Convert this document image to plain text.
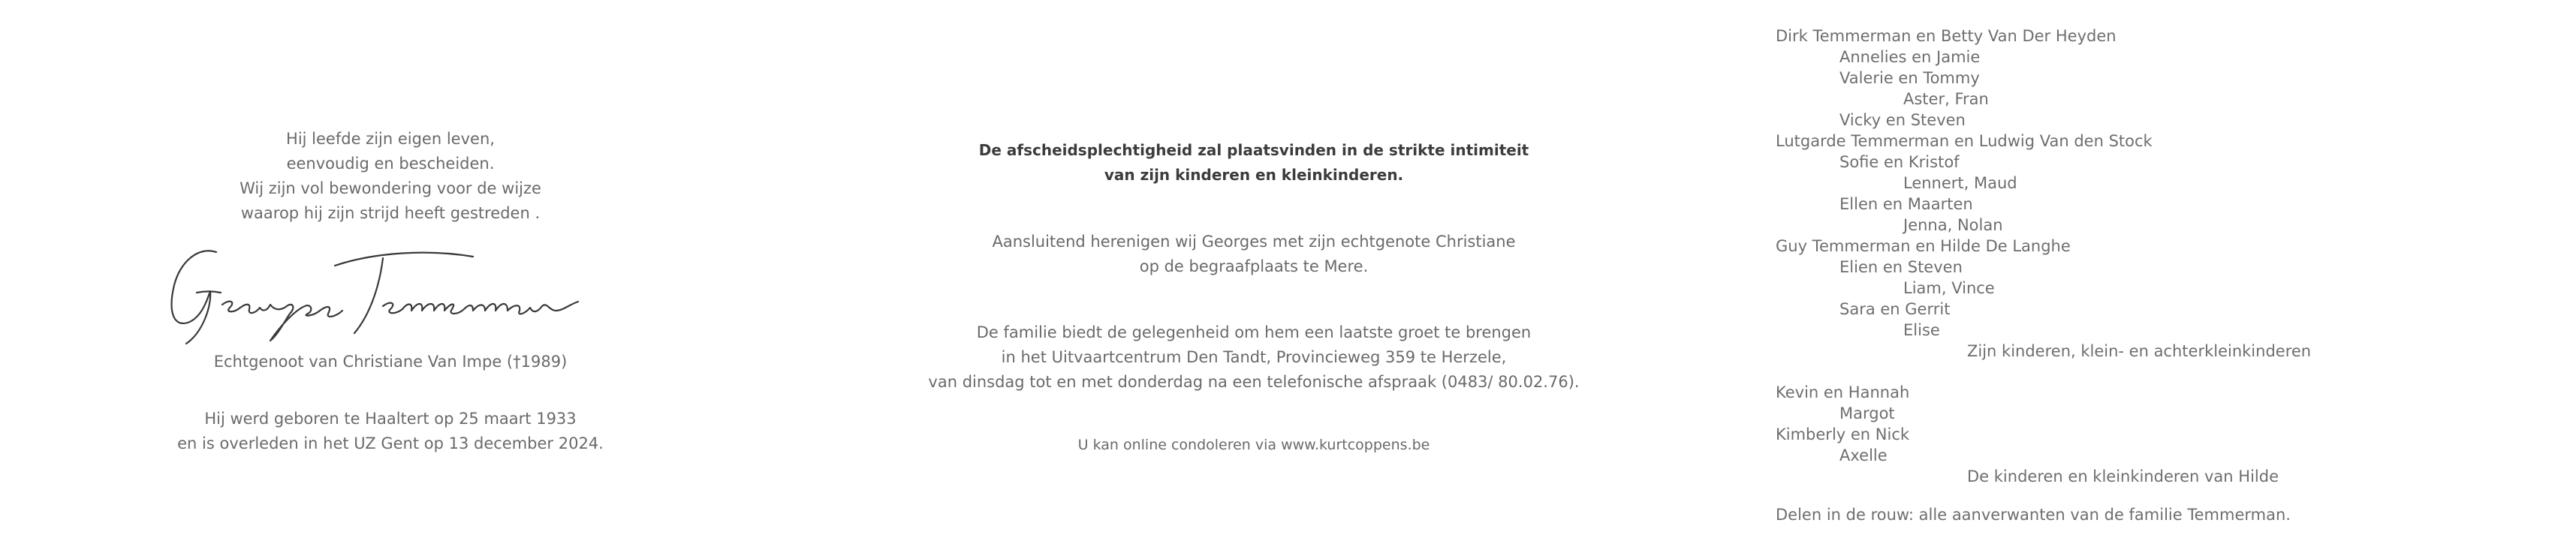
Hij leefde zijn eigen leven,
eenvoudig en bescheiden.
Wij zijn vol bewondering voor de wijze
waarop hij zijn strijd heeft gestreden .
Echtgenoot van Christiane Van Impe (†1989)
Hij werd geboren te Haaltert op 25 maart 1933
en is overleden in het UZ Gent op 13 december 2024.
De afscheidsplechtigheid zal plaatsvinden in de strikte intimiteit
van zijn kinderen en kleinkinderen.
Aansluitend herenigen wij Georges met zijn echtgenote Christiane
op de begraafplaats te Mere.
De familie biedt de gelegenheid om hem een laatste groet te brengen
in het Uitvaartcentrum Den Tandt, Provincieweg 359 te Herzele,
van dinsdag tot en met donderdag na een telefonische afspraak (0483/ 80.02.76).
U kan online condoleren via www.kurtcoppens.be
Dirk Temmerman en Betty Van Der Heyden
Annelies en Jamie
Valerie en Tommy
Aster, Fran
Vicky en Steven
Lutgarde Temmerman en Ludwig Van den Stock
Sofie en Kristof
Lennert, Maud
Ellen en Maarten
Jenna, Nolan
Guy Temmerman en Hilde De Langhe
Elien en Steven
Liam, Vince
Sara en Gerrit
Elise
Zijn kinderen, klein- en achterkleinkinderen
Kevin en Hannah
Margot
Kimberly en Nick
Axelle
De kinderen en kleinkinderen van Hilde
Delen in de rouw: alle aanverwanten van de familie Temmerman.
